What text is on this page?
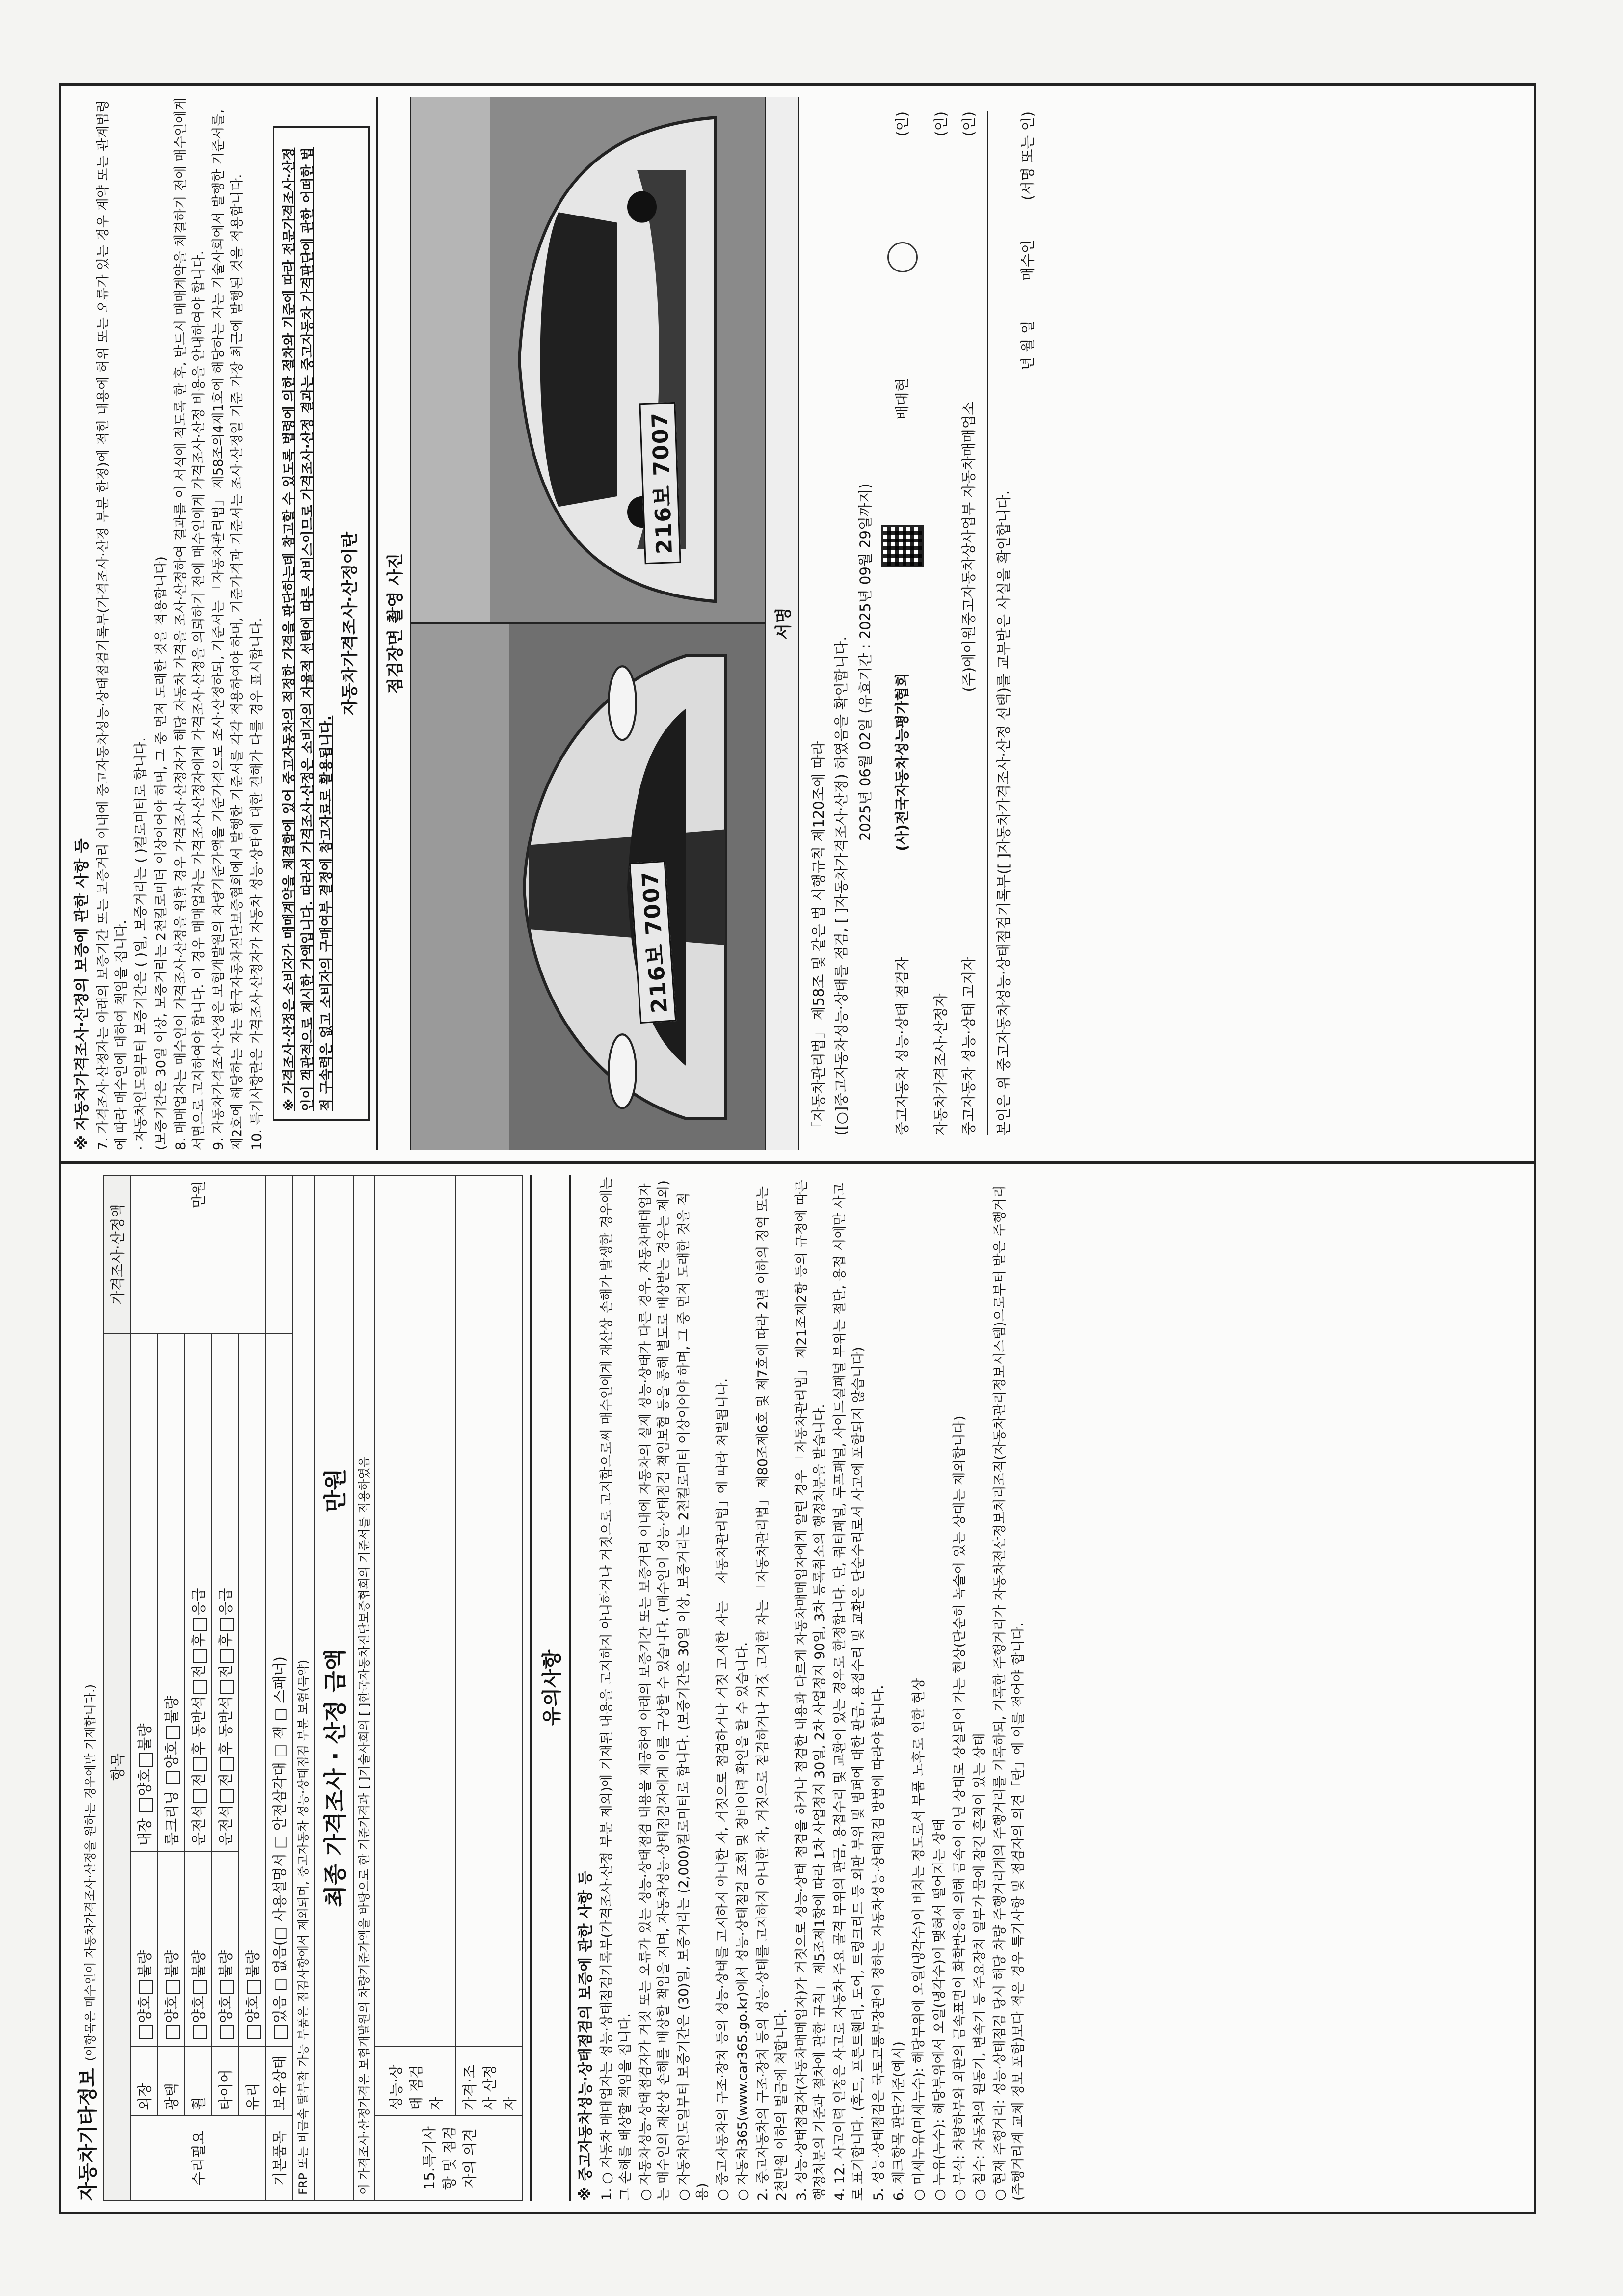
자동차기타정보
(이항목은 매수인이 자동차가격조사·산정을 원하는 경우에만 기재합니다.) 항목				가격조사·산정액
수리필요	외장	양호불량	내장 양호불량	만원
	광택	양호불량	룸크리닝 양호불량	
	휠	양호불량	운전석전후 동반석전후응급	
	타이어	양호불량	운전석전후 동반석전후응급	
	유리	양호불량		
기본품목	보유상태	있음 □ 없음(□ 사용설명서 □ 안전삼각대 □ 잭 □ 스패너)		
FRP 또는 비금속 탈부착 가능 부품은 점검사항에서 제외되며, 중고자동차 성능·상태점검 부분 보험(특약)				
최종 가격조사 · 산정 금액  만원				
이 가격조사·산정가격은 보험개발원의 차량기준가액을 바탕으로 한 기준가격과 [ ]기술사회의 [ ]한국자동차진단보증협회의 기준서를 적용하였음				
15.특기사항 및 점검자의 의견	성능·상태 점검자			
	가격·조사 산정자			
유의사항

※ 중고자동차성능·상태점검의 보증에 관한 사항 등 1. ○ 자동차 매매업자는 성능·상태점검기록부(가격조사·산정 부분 제외)에 기재된 내용을 고지하지 아니하거나 거짓으로 고지함으로써 매수인에게 재산상 손해가 발생한 경우에는 그 손해를 배상할 책임을 집니다. ○ 자동차성능·상태점검자가 거짓 또는 오류가 있는 성능·상태점검 내용을 제공하여 아래의 보증기간 또는 보증거리 이내에 자동차의 실제 성능·상태가 다른 경우, 자동차매매업자는 매수인의 재산상 손해를 배상할 책임을 지며, 자동차성능·상태점검자에게 이를 구상할 수 있습니다. (매수인이 성능·상태점검 책임보험 등을 통해 별도로 배상받는 경우는 제외) ○ 자동차인도일부터 보증기간은 (30)일, 보증거리는 (2,000)킬로미터로 합니다. (보증기간은 30일 이상, 보증거리는 2천킬로미터 이상이어야 하며, 그 중 먼저 도래한 것을 적용) ○ 중고자동차의 구조·장치 등의 성능·상태를 고지하지 아니한 자, 거짓으로 점검하거나 거짓 고지한 자는 「자동차관리법」에 따라 처벌됩니다. ○ 자동차365(www.car365.go.kr)에서 성능·상태점검 조회 및 정비이력 확인을 할 수 있습니다. 2. 중고자동차의 구조·장치 등의 성능·상태를 고지하지 아니한 자, 거짓으로 점검하거나 거짓 고지한 자는 「자동차관리법」 제80조제6호 및 제7호에 따라 2년 이하의 징역 또는 2천만원 이하의 벌금에 처합니다. 3. 성능·상태점검자(자동차매매업자)가 거짓으로 성능·상태 점검을 하거나 점검한 내용과 다르게 자동차매매업자에게 알린 경우 「자동차관리법」 제21조제2항 등의 규정에 따른 행정처분의 기준과 절차에 관한 규칙」 제5조제1항에 따라 1차 사업정지 30일, 2차 사업정지 90일, 3차 등록취소의 행정처분을 받습니다. 4. 12. 사고이력 인정은 사고로 자동차 주요 골격 부위의 판금, 용접수리 및 교환이 있는 경우로 한정합니다. 단, 쿼터패널, 루프패널, 사이드실패널 부위는 절단, 용접 시에만 사고로 표기합니다. (후드, 프론트휀더, 도어, 트렁크리드 등 외판 부위 및 범퍼에 대한 판금, 용접수리 및 교환은 단순수리로서 사고에 포함되지 않습니다) 5. 성능·상태점검은 국토교통부장관이 정하는 자동차성능·상태점검 방법에 따라야 합니다. 6. 체크항목 판단기준(예시) ○ 미세누유(미세누수): 해당부위에 오일(냉각수)이 비치는 정도로서 부품 노후로 인한 현상 ○ 누유(누수): 해당부위에서 오일(냉각수)이 맺혀서 떨어지는 상태 ○ 부식: 차량하부와 외판의 금속표면이 화학반응에 의해 금속이 아닌 상태로 상실되어 가는 현상(단순히 녹슬어 있는 상태는 제외합니다) ○ 침수: 자동차의 원동기, 변속기 등 주요장치 일부가 물에 잠긴 흔적이 있는 상태 ○ 현재 주행거리: 성능·상태점검 당시 해당 차량 주행거리계의 주행거리를 기록하되, 기록한 주행거리가 자동차전산정보처리조직(자동차관리정보시스템)으로부터 받은 주행거리(주행거리계 교체 정보 포함)보다 적은 경우 특기사항 및 점검자의 의견「란」에 이를 적어야 합니다.

※ 자동차가격조사·산정의 보증에 관한 사항 등 7. 가격조사·산정자는 아래의 보증기간 또는 보증거리 이내에 중고자동차성능·상태점검기록부(가격조사·산정 부분 한정)에 적힌 내용에 허위 또는 오류가 있는 경우 계약 또는 관계법령에 따라 매수인에 대하여 책임을 집니다. · 자동차인도일부터 보증기간은 ( )일, 보증거리는 ( )킬로미터로 합니다. (보증기간은 30일 이상, 보증거리는 2천킬로미터 이상이어야 하며, 그 중 먼저 도래한 것을 적용합니다) 8. 매매업자는 매수인이 가격조사·산정을 원할 경우 가격조사·산정자가 해당 자동차 가격을 조사·산정하여 결과를 이 서식에 적도록 한 후, 반드시 매매계약을 체결하기 전에 매수인에게 서면으로 고지하여야 합니다. 이 경우 매매업자는 가격조사·산정자에게 가격조사·산정을 의뢰하기 전에 매수인에게 가격조사·산정 비용을 안내하여야 합니다. 9. 자동차가격조사·산정은 보험개발원의 차량기준가액을 기준가격으로 조사·산정하되, 기준서는 「자동차관리법」 제58조의4제1호에 해당하는 자는 기술사회에서 발행한 기준서를, 제2호에 해당하는 자는 한국자동차진단보증협회에서 발행한 기준서를 각각 적용하여야 하며, 기준가격과 기준서는 조사·산정일 기준 가장 최근에 발행된 것을 적용합니다. 10. 특기사항란은 가격조사·산정자가 자동차 성능·상태에 대한 견해가 다를 경우 표시합니다. ※ 가격조사·산정은 소비자가 매매계약을 체결함에 있어 중고자동차의 적정한 가격을 판단하는데 참고할 수 있도록 법령에 의한 절차와 기준에 따라 전문가격조사·산정인이 객관적으로 제시한 가액입니다. 따라서 가격조사·산정은 소비자의 자율적 선택에 따른 서비스이므로 가격조사·산정 결과는 중고자동차 가격판단에 관한 어떠한 법적 구속력은 없고 소비자의 구매여부 결정에 참고자료로 활용됩니다.
자동차가격조사·산정이란	점검장면 촬영 사진
216보 7007
216보 7007
서명

「자동차관리법」 제58조 및 같은 법 시행규칙 제120조에 따라 ([○]중고자동차성능·상태를 점검, [ ]자동차가격조사·산정) 하였음을 확인합니다. 2025년 06월 02일 (유효기간 : 2025년 09월 29일까지)

중고자동차 성능·상태 점검자
(사)전국자동차성능평가협회
배대현
(인)
자동차가격조사·산정자
(인)
중고자동차 성능·상태 고지자
(주)에이원중고자동차상사업부 자동차매매업소
(인)

본인은 위 중고자동차성능·상태점검기록부([ ]자동차가격조사·산정 선택)를 교부받은 사실을 확인합니다.

년 월 일
매수인
(서명 또는 인)
